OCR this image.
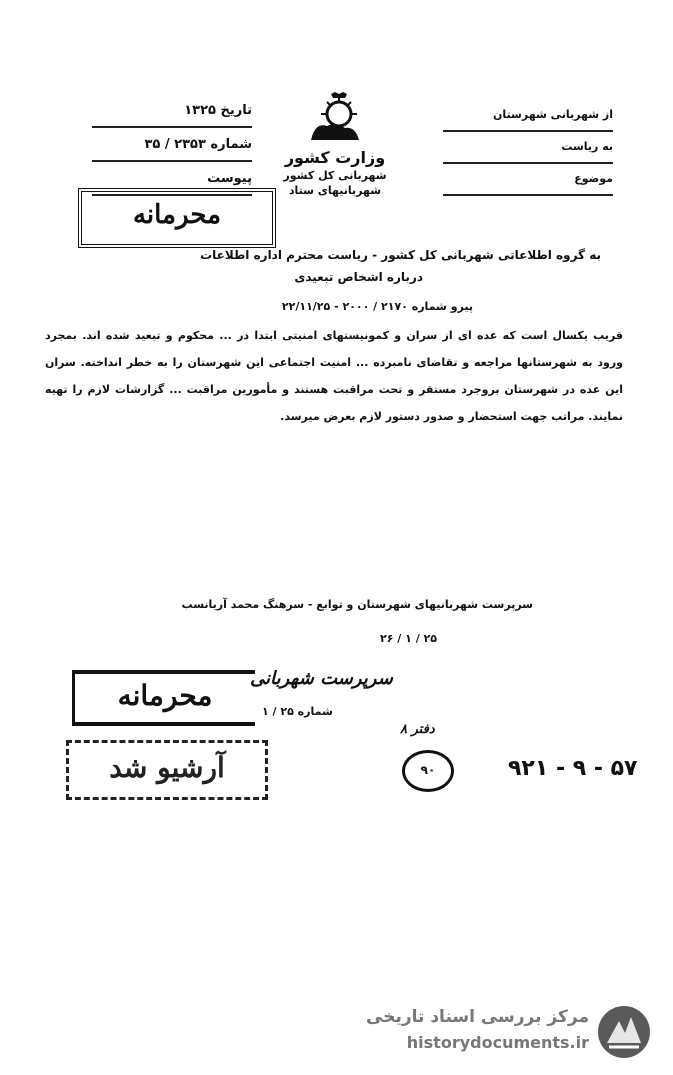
تاریخ ۱۳۲۵
شماره ۲۳۵۳ / ۳۵
پیوست
وزارت کشور
شهربانی کل کشور
شهربانیهای ستاد
از شهربانی شهرستان
به ریاست
موضوع
محرمانه
به گروه اطلاعاتی شهربانی کل کشور - ریاست محترم اداره اطلاعات
درباره اشخاص تبعیدی
پیرو شماره ۲۱۷۰ / ۲۰۰۰ - ۲۲/۱۱/۲۵
قریب یکسال است که عده ای از سران و کمونیستهای امنیتی ابتدا در ... محکوم و تبعید شده اند. بمجرد ورود به شهرستانها مراجعه و تقاضای نامبرده ... امنیت اجتماعی این شهرستان را به خطر انداخته. سران این عده در شهرستان بروجرد مستقر و تحت مراقبت هستند و مأمورین مراقبت ... گزارشات لازم را تهیه نمایند. مراتب جهت استحضار و صدور دستور لازم بعرض میرسد.
سرپرست شهربانیهای شهرستان و توابع - سرهنگ محمد آریانسب
۲۵ / ۱ / ۲۶
سرپرست شهربانی
شماره ۲۵ / ۱
محرمانه
آرشیو شد
دفتر ۸
۹۰	۹۲۱ - ۹ - ۵۷
مرکز بررسی اسناد تاریخی
historydocuments.ir
